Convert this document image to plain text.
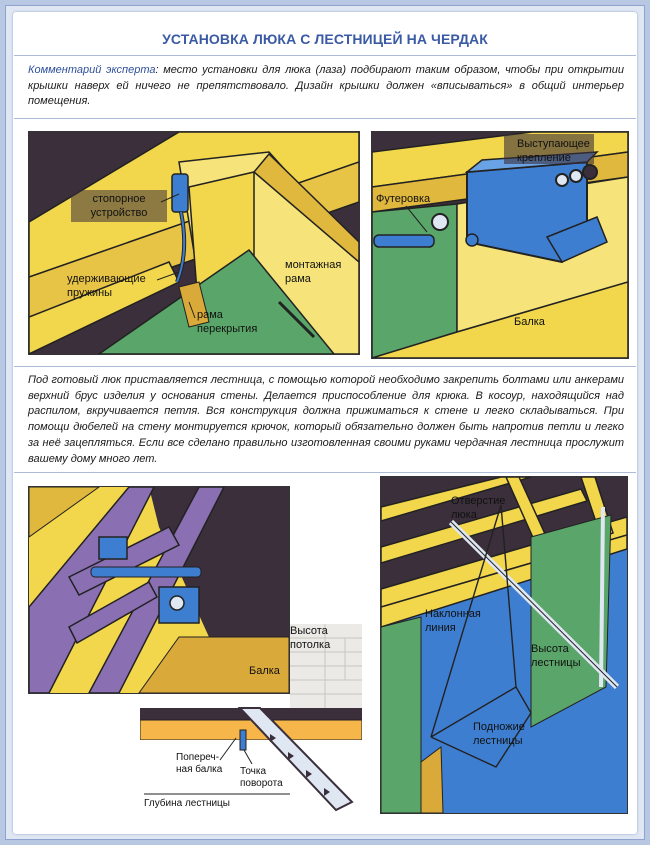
УСТАНОВКА ЛЮКА С ЛЕСТНИЦЕЙ НА ЧЕРДАК
Комментарий эксперта: место установки для люка (лаза) подбирают таким образом, чтобы при открытии крышки наверх ей ничего не препятствовало. Дизайн крышки должен «вписываться» в общий интерьер помещения.
стопорное
устройство
удерживающие
пружины
монтажная
рама
рама
перекрытия
Выступающее
крепление
Футеровка
Балка
Под готовый люк приставляется лестница, с помощью которой необходимо закрепить болтами или анкерами верхний брус изделия у основания стены. Делается приспособление для крюка. В косоур, находящийся над распилом, вкручивается петля. Вся конструкция должна прижиматься к стене и легко складываться. При помощи дюбелей на стену монтируется крючок, который обязательно должен быть напротив петли и легко за неё зацепляться. Если все сделано правильно изготовленная своими руками чердачная лестница прослужит вашему дому много лет.
Балка
Высота
потолка
Попереч-
ная балка Точка
поворота
Глубина лестницы
Отверстие
люка
Наклонная
линия
Высота
лестницы
Подножие
лестницы
